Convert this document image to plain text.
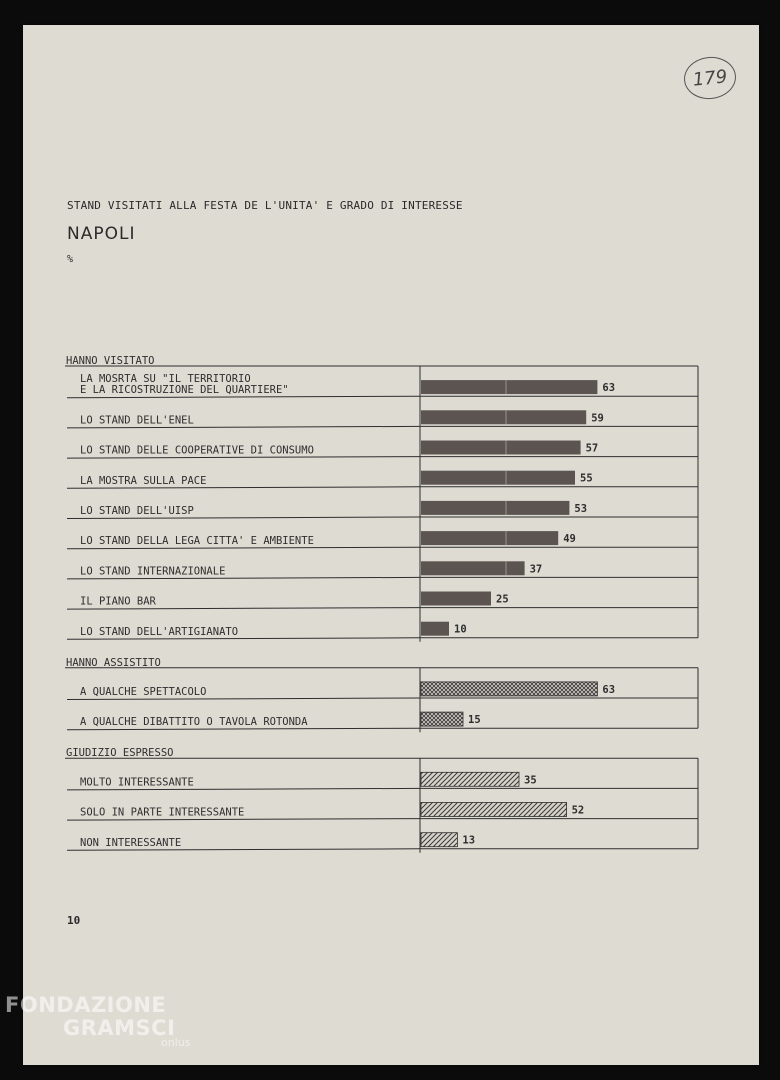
179
STAND VISITATI ALLA FESTA DE L'UNITA' E GRADO DI INTERESSE
NAPOLI
%
HANNO VISITATO
LA MOSRTA SU "IL TERRITORIO
E LA RICOSTRUZIONE DEL QUARTIERE"	63
LO STAND DELL'ENEL	59
LO STAND DELLE COOPERATIVE DI CONSUMO	57
LA MOSTRA SULLA PACE	55
LO STAND DELL'UISP	53
LO STAND DELLA LEGA CITTA' E AMBIENTE	49
LO STAND INTERNAZIONALE	37
IL PIANO BAR	25
LO STAND DELL'ARTIGIANATO	10
HANNO ASSISTITO
A QUALCHE SPETTACOLO	63
A QUALCHE DIBATTITO O TAVOLA ROTONDA	15
GIUDIZIO ESPRESSO
MOLTO INTERESSANTE	35
SOLO IN PARTE INTERESSANTE	52
NON INTERESSANTE	13
10
FONDAZIONE
GRAMSCI
onlus
